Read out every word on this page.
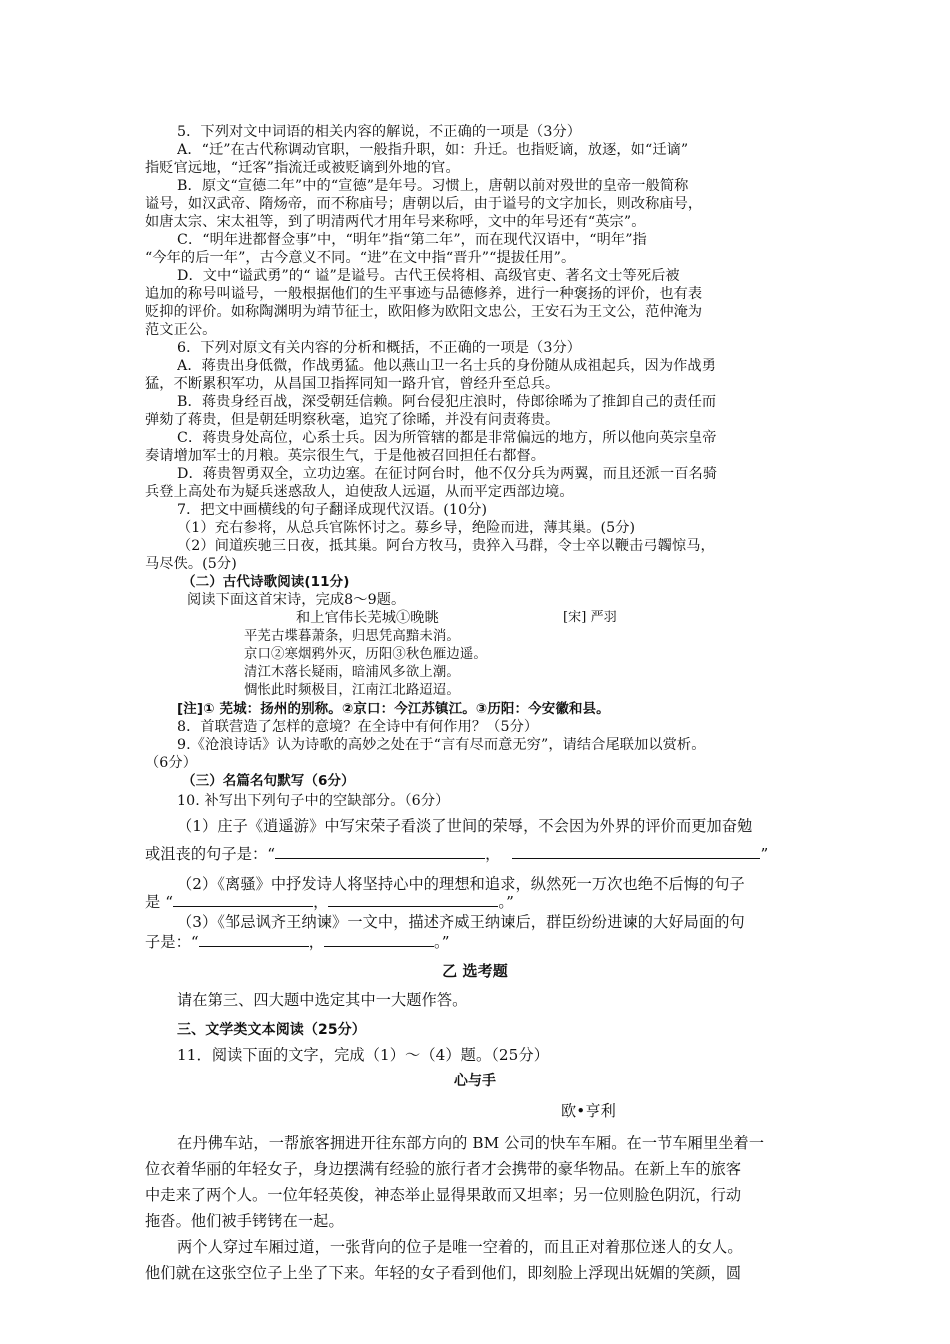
5．下列对文中词语的相关内容的解说，不正确的一项是（3分）
A．“迁”在古代称调动官职，一般指升职，如：升迁。也指贬谪，放逐，如“迁谪”
指贬官远地，“迁客”指流迁或被贬谪到外地的官。
B．原文“宣德二年”中的“宣德”是年号。习惯上，唐朝以前对殁世的皇帝一般简称
谥号，如汉武帝、隋炀帝，而不称庙号；唐朝以后，由于谥号的文字加长，则改称庙号，
如唐太宗、宋太祖等，到了明清两代才用年号来称呼，文中的年号还有“英宗”。
C．“明年进都督佥事”中，“明年”指“第二年”，而在现代汉语中，“明年”指
“今年的后一年”，古今意义不同。“进”在文中指“晋升”“提拔任用”。
D．文中“谥武勇”的“ 谥”是谥号。古代王侯将相、高级官吏、著名文士等死后被
追加的称号叫谥号，一般根据他们的生平事迹与品德修养，进行一种褒扬的评价，也有表
贬抑的评价。如称陶渊明为靖节征士，欧阳修为欧阳文忠公，王安石为王文公，范仲淹为
范文正公。
6．下列对原文有关内容的分析和概括，不正确的一项是（3分）
A．蒋贵出身低微，作战勇猛。他以燕山卫一名士兵的身份随从成祖起兵，因为作战勇
猛，不断累积军功，从昌国卫指挥同知一路升官，曾经升至总兵。
B．蒋贵身经百战，深受朝廷信赖。阿台侵犯庄浪时，侍郎徐晞为了推卸自己的责任而
弹劾了蒋贵，但是朝廷明察秋毫，追究了徐晞，并没有问责蒋贵。
C．蒋贵身处高位，心系士兵。因为所管辖的都是非常偏远的地方，所以他向英宗皇帝
奏请增加军士的月粮。英宗很生气，于是他被召回担任右都督。
D．蒋贵智勇双全，立功边塞。在征讨阿台时，他不仅分兵为两翼，而且还派一百名骑
兵登上高处布为疑兵迷惑敌人，迫使敌人远逼，从而平定西部边境。
7．把文中画横线的句子翻译成现代汉语。(10分)
（1）充右参将，从总兵官陈怀讨之。募乡导，绝险而进，薄其巢。(5分)
（2）间道疾驰三日夜，抵其巢。阿台方牧马，贵猝入马群，令士卒以鞭击弓韣惊马，
马尽佚。(5分)
（二）古代诗歌阅读(11分)
阅读下面这首宋诗，完成8～9题。
和上官伟长芜城①晚眺	[宋] 严羽
平芜古堞暮萧条，归思凭高黯未消。
京口②寒烟鸦外灭，历阳③秋色雁边遥。
清江木落长疑雨，暗浦风多欲上潮。
惆怅此时频极目，江南江北路迢迢。
[注]① 芜城：扬州的别称。②京口：今江苏镇江。③历阳：今安徽和县。
8．首联营造了怎样的意境？在全诗中有何作用？（5分）
9.《沧浪诗话》认为诗歌的高妙之处在于“言有尽而意无穷”，请结合尾联加以赏析。
（6分）
（三）名篇名句默写（6分）
10. 补写出下列句子中的空缺部分。（6分）
（1）庄子《逍遥游》中写宋荣子看淡了世间的荣辱，不会因为外界的评价而更加奋勉
或沮丧的句子是：“	，	”
（2）《离骚》中抒发诗人将坚持心中的理想和追求，纵然死一万次也绝不后悔的句子
是 “	，	。”
（3）《邹忌讽齐王纳谏》一文中，描述齐威王纳谏后，群臣纷纷进谏的大好局面的句
子是：“	，	。”
乙 选考题
请在第三、四大题中选定其中一大题作答。
三、文学类文本阅读（25分）
11．阅读下面的文字，完成（1）～（4）题。（25分）
心与手
欧•亨利
在丹佛车站，一帮旅客拥进开往东部方向的 BM 公司的快车车厢。在一节车厢里坐着一
位衣着华丽的年轻女子，身边摆满有经验的旅行者才会携带的豪华物品。在新上车的旅客
中走来了两个人。一位年轻英俊，神态举止显得果敢而又坦率；另一位则脸色阴沉，行动
拖沓。他们被手铐铐在一起。
两个人穿过车厢过道，一张背向的位子是唯一空着的，而且正对着那位迷人的女人。
他们就在这张空位子上坐了下来。年轻的女子看到他们，即刻脸上浮现出妩媚的笑颜，圆
